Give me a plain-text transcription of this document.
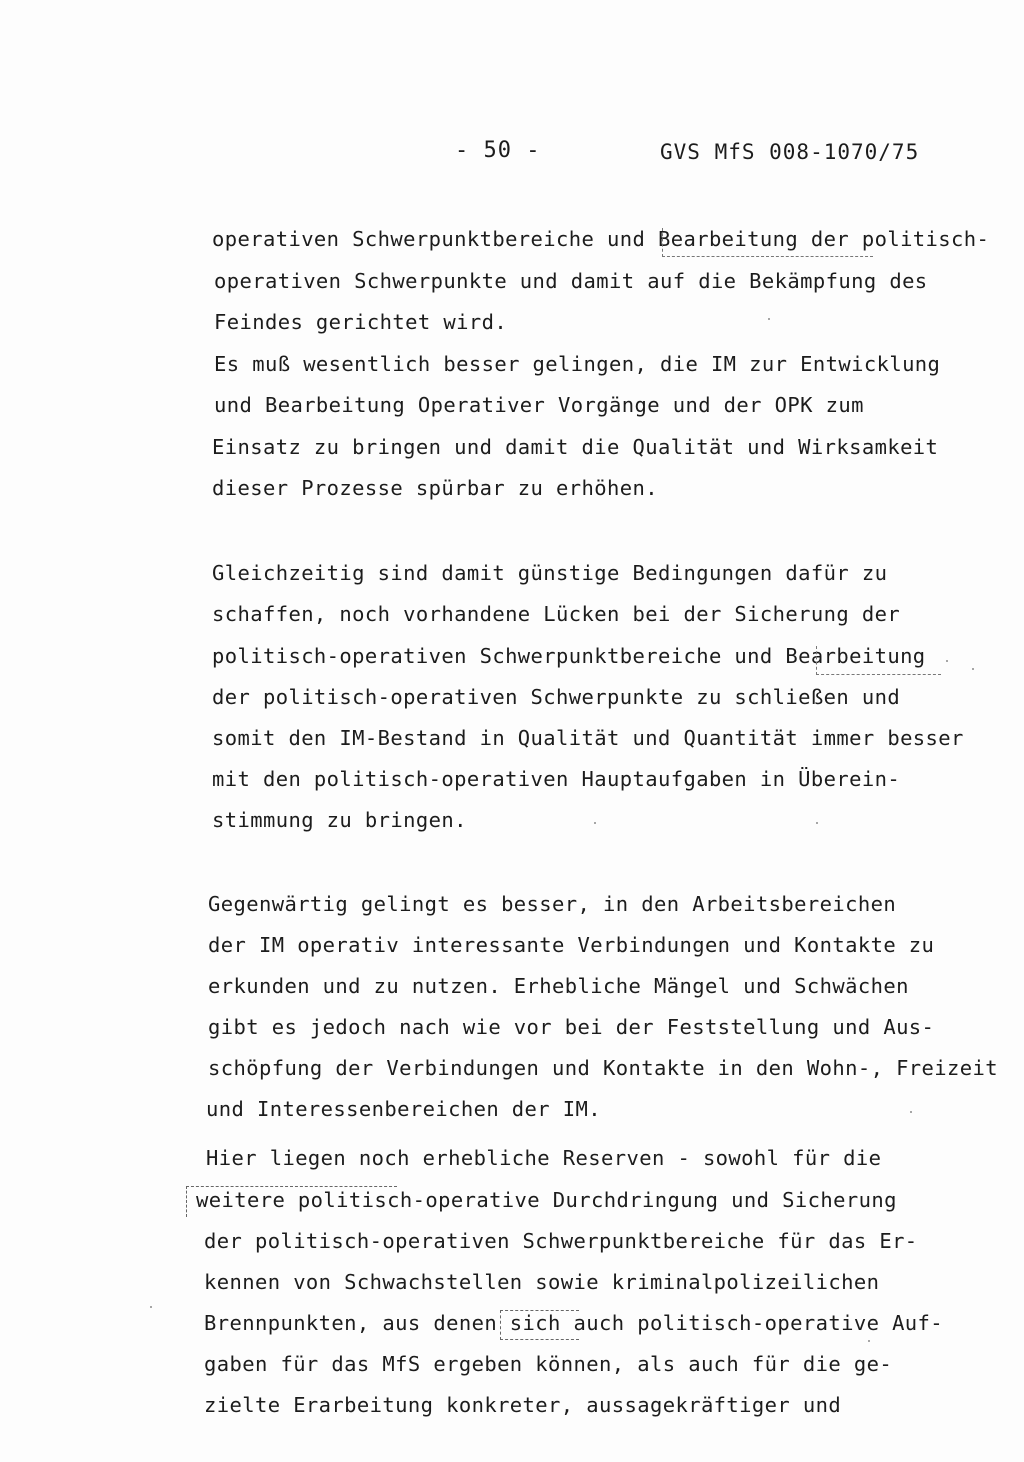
- 50 -	GVS MfS 008-1070/75
operativen Schwerpunktbereiche und Bearbeitung der politisch-
operativen Schwerpunkte und damit auf die Bekämpfung des
Feindes gerichtet wird.
Es muß wesentlich besser gelingen, die IM zur Entwicklung
und Bearbeitung Operativer Vorgänge und der OPK zum
Einsatz zu bringen und damit die Qualität und Wirksamkeit
dieser Prozesse spürbar zu erhöhen.
Gleichzeitig sind damit günstige Bedingungen dafür zu
schaffen, noch vorhandene Lücken bei der Sicherung der
politisch-operativen Schwerpunktbereiche und Bearbeitung
der politisch-operativen Schwerpunkte zu schließen und
somit den IM-Bestand in Qualität und Quantität immer besser
mit den politisch-operativen Hauptaufgaben in Überein-
stimmung zu bringen.
Gegenwärtig gelingt es besser, in den Arbeitsbereichen
der IM operativ interessante Verbindungen und Kontakte zu
erkunden und zu nutzen. Erhebliche Mängel und Schwächen
gibt es jedoch nach wie vor bei der Feststellung und Aus-
schöpfung der Verbindungen und Kontakte in den Wohn-, Freizeit
und Interessenbereichen der IM.
Hier liegen noch erhebliche Reserven - sowohl für die
weitere politisch-operative Durchdringung und Sicherung
der politisch-operativen Schwerpunktbereiche für das Er-
kennen von Schwachstellen sowie kriminalpolizeilichen
Brennpunkten, aus denen sich auch politisch-operative Auf-
gaben für das MfS ergeben können, als auch für die ge-
zielte Erarbeitung konkreter, aussagekräftiger und
